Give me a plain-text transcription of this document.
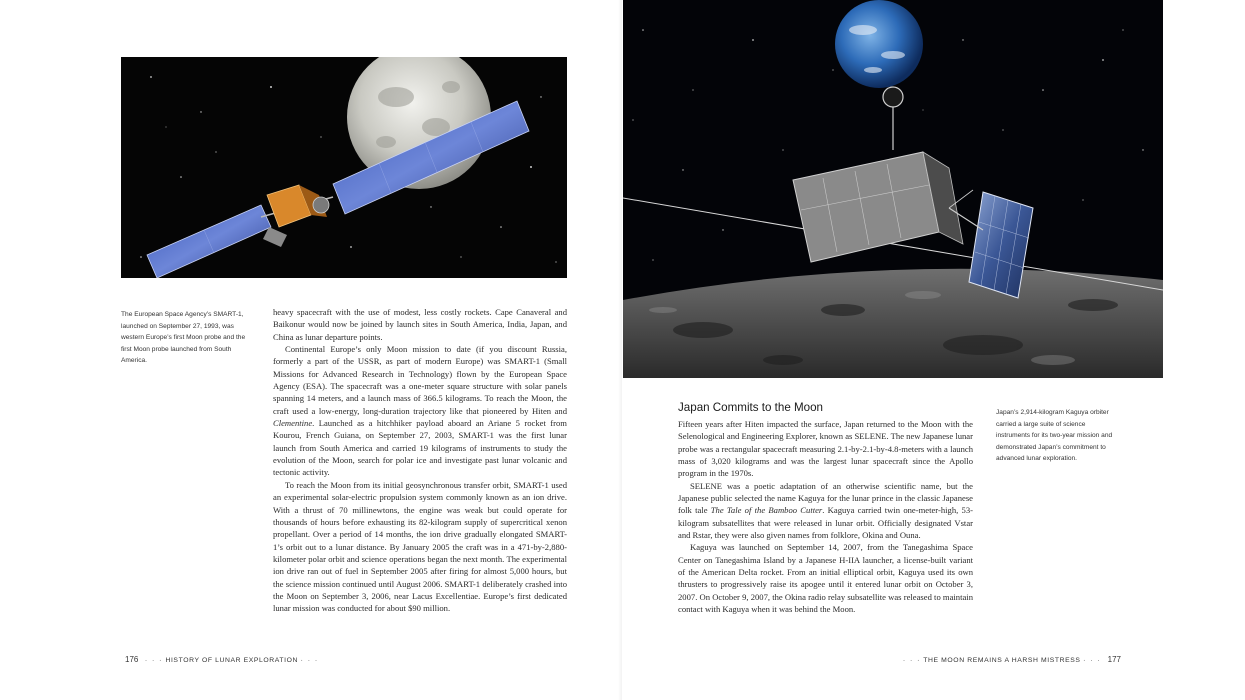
The European Space Agency’s SMART-1, launched on September 27, 1993, was western Europe’s first Moon probe and the first Moon probe launched from South America.

heavy spacecraft with the use of modest, less costly rockets. Cape Canaveral and Baikonur would now be joined by launch sites in South America, India, Japan, and China as lunar departure points.

Continental Europe’s only Moon mission to date (if you discount Russia, formerly a part of the USSR, as part of modern Europe) was SMART-1 (Small Missions for Advanced Research in Technology) flown by the European Space Agency (ESA). The spacecraft was a one-meter square structure with solar panels spanning 14 meters, and a launch mass of 366.5 kilograms. To reach the Moon, the craft used a low-energy, long-duration trajectory like that pioneered by Hiten and Clementine. Launched as a hitchhiker payload aboard an Ariane 5 rocket from Kourou, French Guiana, on September 27, 2003, SMART-1 was the first lunar launch from South America and carried 19 kilograms of instruments to study the evolution of the Moon, search for polar ice and investigate past lunar volcanic and tectonic activity.

To reach the Moon from its initial geosynchronous transfer orbit, SMART-1 used an experimental solar-electric propulsion system commonly known as an ion drive. With a thrust of 70 millinewtons, the engine was weak but could operate for thousands of hours before exhausting its 82-kilogram supply of supercritical xenon propellant. Over a period of 14 months, the ion drive gradually elongated SMART-1’s orbit out to a lunar distance. By January 2005 the craft was in a 471-by-2,880-kilometer polar orbit and science operations began the next month. The experimental ion drive ran out of fuel in September 2005 after firing for almost 5,000 hours, but the science mission continued until August 2006. SMART-1 deliberately crashed into the Moon on September 3, 2006, near Lacus Excellentiae. Europe’s first dedicated lunar mission was conducted for about $90 million.

176 · · · HISTORY OF LUNAR EXPLORATION · · ·
Japan Commits to the Moon	Japan’s 2,914-kilogram Kaguya orbiter carried a large suite of science instruments for its two-year mission and demonstrated Japan’s commitment to advanced lunar exploration.

Fifteen years after Hiten impacted the surface, Japan returned to the Moon with the Selenological and Engineering Explorer, known as SELENE. The new Japanese lunar probe was a rectangular spacecraft measuring 2.1-by-2.1-by-4.8-meters with a launch mass of 3,020 kilograms and was the largest lunar spacecraft since the Apollo program in the 1970s.

SELENE was a poetic adaptation of an otherwise scientific name, but the Japanese public selected the name Kaguya for the lunar prince in the classic Japanese folk tale The Tale of the Bamboo Cutter. Kaguya carried twin one-meter-high, 53-kilogram subsatellites that were released in lunar orbit. Officially designated Vstar and Rstar, they were also given names from folklore, Okina and Ouna.

Kaguya was launched on September 14, 2007, from the Tanegashima Space Center on Tanegashima Island by a Japanese H-IIA launcher, a license-built variant of the American Delta rocket. From an initial elliptical orbit, Kaguya used its own thrusters to progressively raise its apogee until it entered lunar orbit on October 3, 2007. On October 9, 2007, the Okina radio relay subsatellite was released to maintain contact with Kaguya when it was behind the Moon.

· · · THE MOON REMAINS A HARSH MISTRESS · · · 177
